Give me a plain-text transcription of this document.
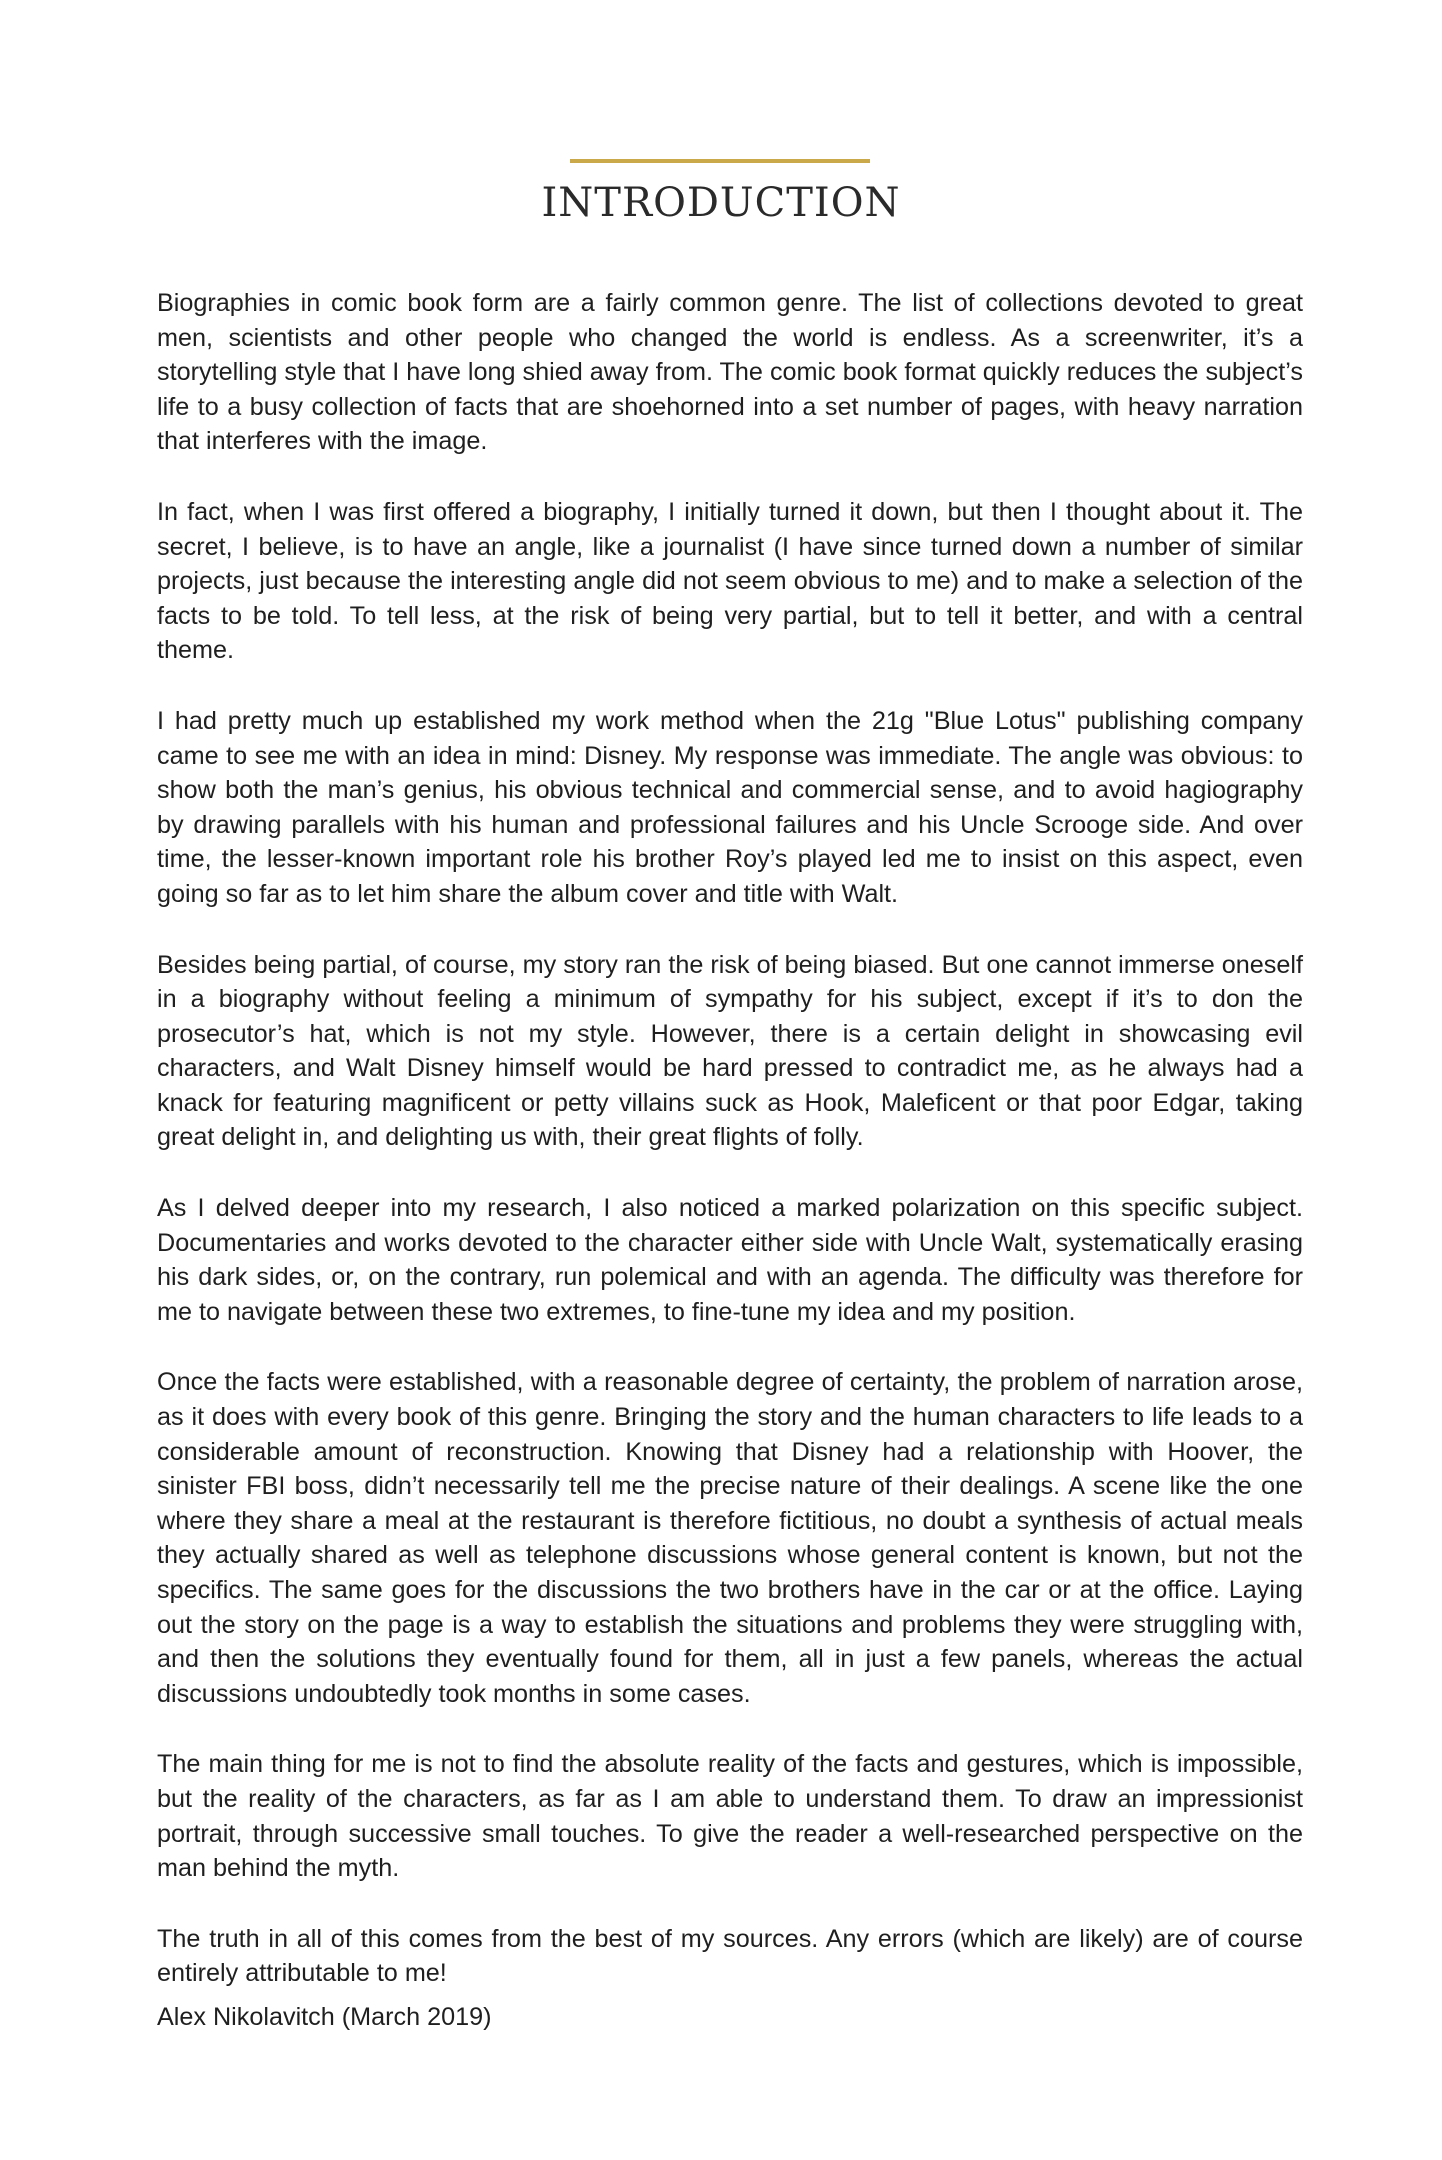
INTRODUCTION

Biographies in comic book form are a fairly common genre. The list of collections devoted to great men, scientists and other people who changed the world is endless. As a screenwriter, it’s a storytelling style that I have long shied away from. The comic book format quickly reduces the subject’s life to a busy collection of facts that are shoehorned into a set number of pages, with heavy narration that interferes with the image.

In fact, when I was first offered a biography, I initially turned it down, but then I thought about it. The secret, I believe, is to have an angle, like a journalist (I have since turned down a number of similar projects, just because the interesting angle did not seem obvious to me) and to make a selection of the facts to be told. To tell less, at the risk of being very partial, but to tell it better, and with a central theme.

I had pretty much up established my work method when the 21g "Blue Lotus" publishing company came to see me with an idea in mind: Disney. My response was immediate. The angle was obvious: to show both the man’s genius, his obvious technical and commercial sense, and to avoid hagiography by drawing parallels with his human and professional failures and his Uncle Scrooge side. And over time, the lesser-known important role his brother Roy’s played led me to insist on this aspect, even going so far as to let him share the album cover and title with Walt.

Besides being partial, of course, my story ran the risk of being biased. But one cannot immerse oneself in a biography without feeling a minimum of sympathy for his subject, except if it’s to don the prosecutor’s hat, which is not my style. However, there is a certain delight in showcasing evil characters, and Walt Disney himself would be hard pressed to contradict me, as he always had a knack for featuring magnificent or petty villains suck as Hook, Maleficent or that poor Edgar, taking great delight in, and delighting us with, their great flights of folly.

As I delved deeper into my research, I also noticed a marked polarization on this specific subject. Documentaries and works devoted to the character either side with Uncle Walt, systematically erasing his dark sides, or, on the contrary, run polemical and with an agenda. The difficulty was therefore for me to navigate between these two extremes, to fine-tune my idea and my position.

Once the facts were established, with a reasonable degree of certainty, the problem of narration arose, as it does with every book of this genre. Bringing the story and the human characters to life leads to a considerable amount of reconstruction. Knowing that Disney had a relationship with Hoover, the sinister FBI boss, didn’t necessarily tell me the precise nature of their dealings. A scene like the one where they share a meal at the restaurant is therefore fictitious, no doubt a synthesis of actual meals they actually shared as well as telephone discussions whose general content is known, but not the specifics. The same goes for the discussions the two brothers have in the car or at the office. Laying out the story on the page is a way to establish the situations and problems they were struggling with, and then the solutions they eventually found for them, all in just a few panels, whereas the actual discussions undoubtedly took months in some cases.

The main thing for me is not to find the absolute reality of the facts and gestures, which is impossible, but the reality of the characters, as far as I am able to understand them. To draw an impressionist portrait, through successive small touches. To give the reader a well-researched perspective on the man behind the myth.

The truth in all of this comes from the best of my sources. Any errors (which are likely) are of course entirely attributable to me!

Alex Nikolavitch (March 2019)
